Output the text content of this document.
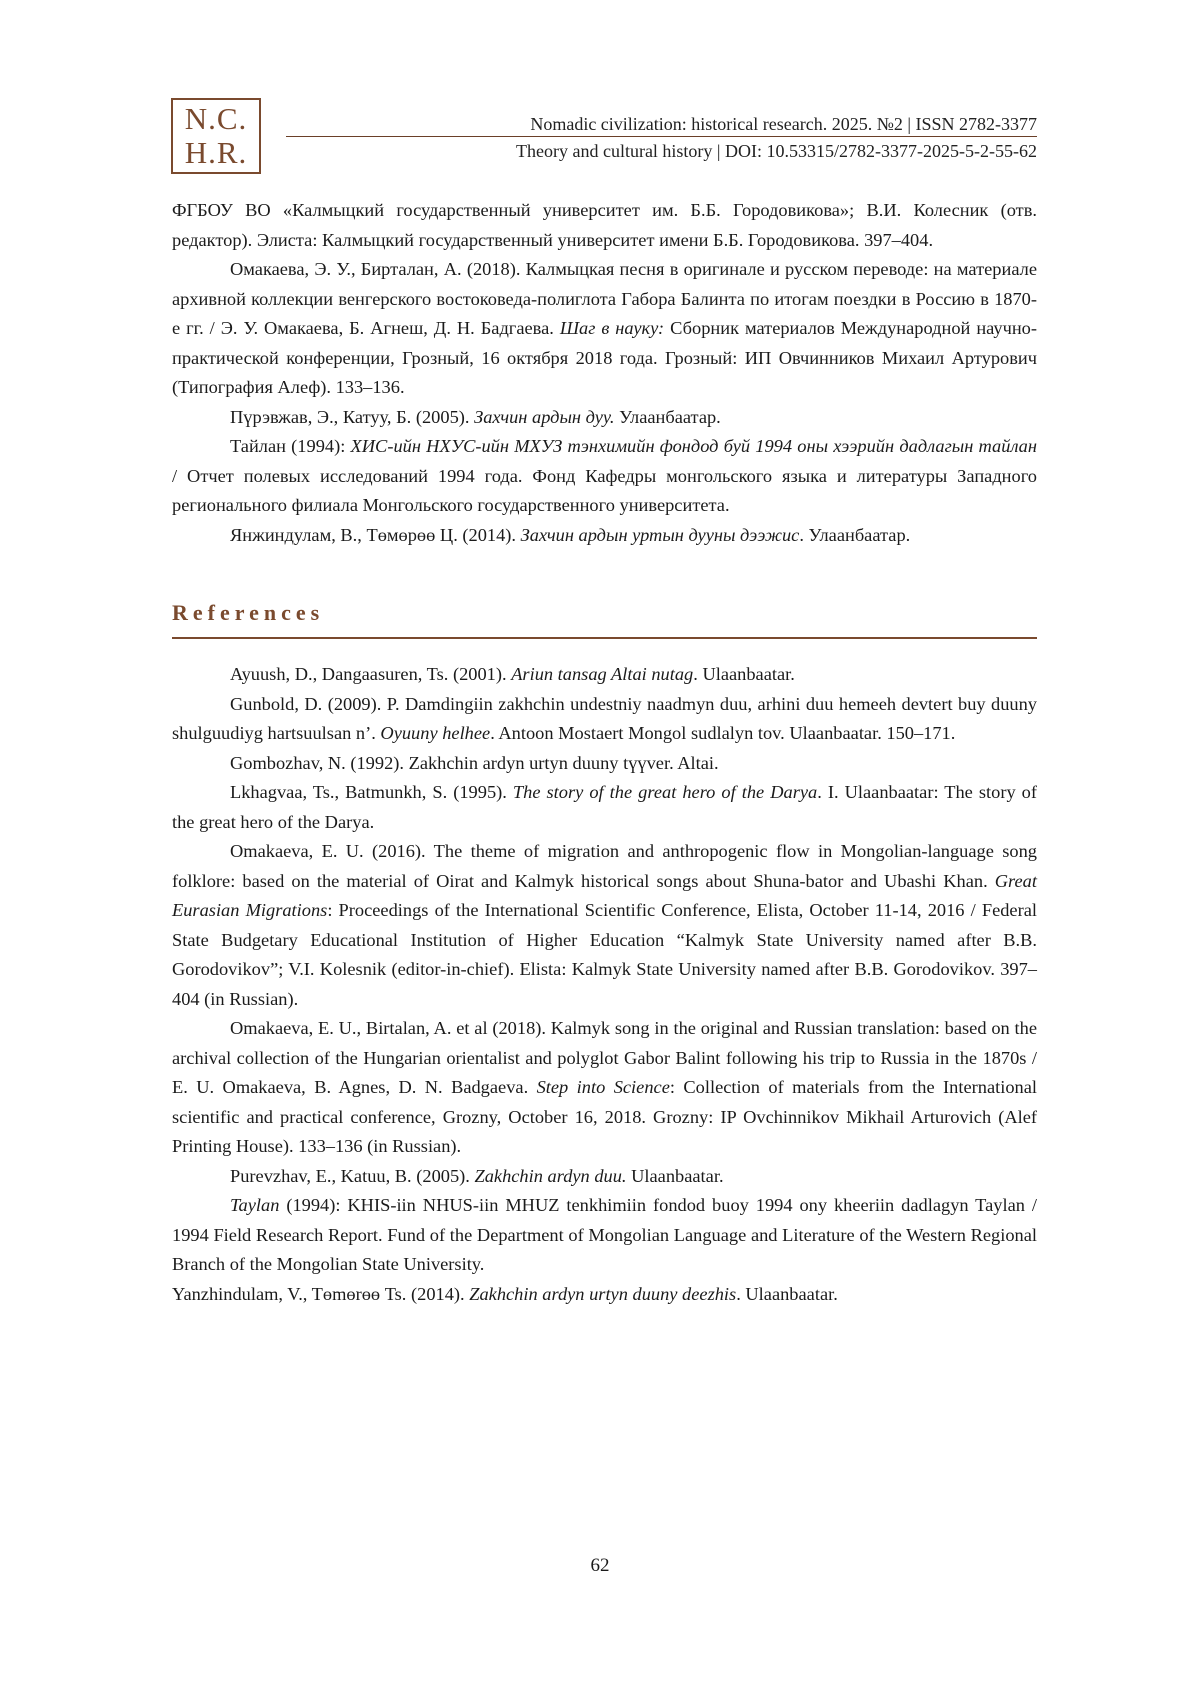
N.C.
H.R.
Nomadic civilization: historical research. 2025. №2 | ISSN 2782-3377
Theory and cultural history | DOI: 10.53315/2782-3377-2025-5-2-55-62

ФГБОУ ВО «Калмыцкий государственный университет им. Б.Б. Городовикова»; В.И. Колесник (отв. редактор). Элиста: Калмыцкий государственный университет имени Б.Б. Городовикова. 397–404.

Омакаева, Э. У., Бирталан, А. (2018). Калмыцкая песня в оригинале и русском переводе: на материале архивной коллекции венгерского востоковеда-полиглота Габора Балинта по итогам поездки в Россию в 1870-е гг. / Э. У. Омакаева, Б. Агнеш, Д. Н. Бадгаева. Шаг в науку: Сборник материалов Международной научно-практической конференции, Грозный, 16 октября 2018 года. Грозный: ИП Овчинников Михаил Артурович (Типография Алеф). 133–136.

Пүрэвжав, Э., Катуу, Б. (2005). Захчин ардын дуу. Улаанбаатар.

Тайлан (1994): ХИС-ийн НХУС-ийн МХУЗ тэнхимийн фондод буй 1994 оны хээрийн дадлагын тайлан / Отчет полевых исследований 1994 года. Фонд Кафедры монгольского языка и литературы Западного регионального филиала Монгольского государственного университета.

Янжиндулам, В., Төмөрөө Ц. (2014). Захчин ардын уртын дууны дээжис. Улаанбаатар.

References

Ayuush, D., Dangaasuren, Ts. (2001). Ariun tansag Altai nutag. Ulaanbaatar.

Gunbold, D. (2009). P. Damdingiin zakhchin undestniy naadmyn duu, arhini duu hemeeh devtert buy duuny shulguudiyg hartsuulsan n’. Oyuuny helhee. Antoon Mostaert Mongol sudlalyn tov. Ulaanbaatar. 150–171.

Gombozhav, N. (1992). Zakhchin ardyn urtyn duuny tүүver. Altai.

Lkhagvaa, Ts., Batmunkh, S. (1995). The story of the great hero of the Darya. I. Ulaanbaatar: The story of the great hero of the Darya.

Omakaeva, E. U. (2016). The theme of migration and anthropogenic flow in Mongolian-language song folklore: based on the material of Oirat and Kalmyk historical songs about Shuna-bator and Ubashi Khan. Great Eurasian Migrations: Proceedings of the International Scientific Conference, Elista, October 11-14, 2016 / Federal State Budgetary Educational Institution of Higher Education “Kalmyk State University named after B.B. Gorodovikov”; V.I. Kolesnik (editor-in-chief). Elista: Kalmyk State University named after B.B. Gorodovikov. 397–404 (in Russian).

Omakaeva, E. U., Birtalan, A. et al (2018). Kalmyk song in the original and Russian translation: based on the archival collection of the Hungarian orientalist and polyglot Gabor Balint following his trip to Russia in the 1870s / E. U. Omakaeva, B. Agnes, D. N. Badgaeva. Step into Science: Collection of materials from the International scientific and practical conference, Grozny, October 16, 2018. Grozny: IP Ovchinnikov Mikhail Arturovich (Alef Printing House). 133–136 (in Russian).

Purevzhav, E., Katuu, B. (2005). Zakhchin ardyn duu. Ulaanbaatar.

Taylan (1994): KHIS-iin NHUS-iin MHUZ tenkhimiin fondod buoy 1994 ony kheeriin dadlagyn Taylan / 1994 Field Research Report. Fund of the Department of Mongolian Language and Literature of the Western Regional Branch of the Mongolian State University.

Yanzhindulam, V., Tөmөrөө Ts. (2014). Zakhchin ardyn urtyn duuny deezhis. Ulaanbaatar.

62
